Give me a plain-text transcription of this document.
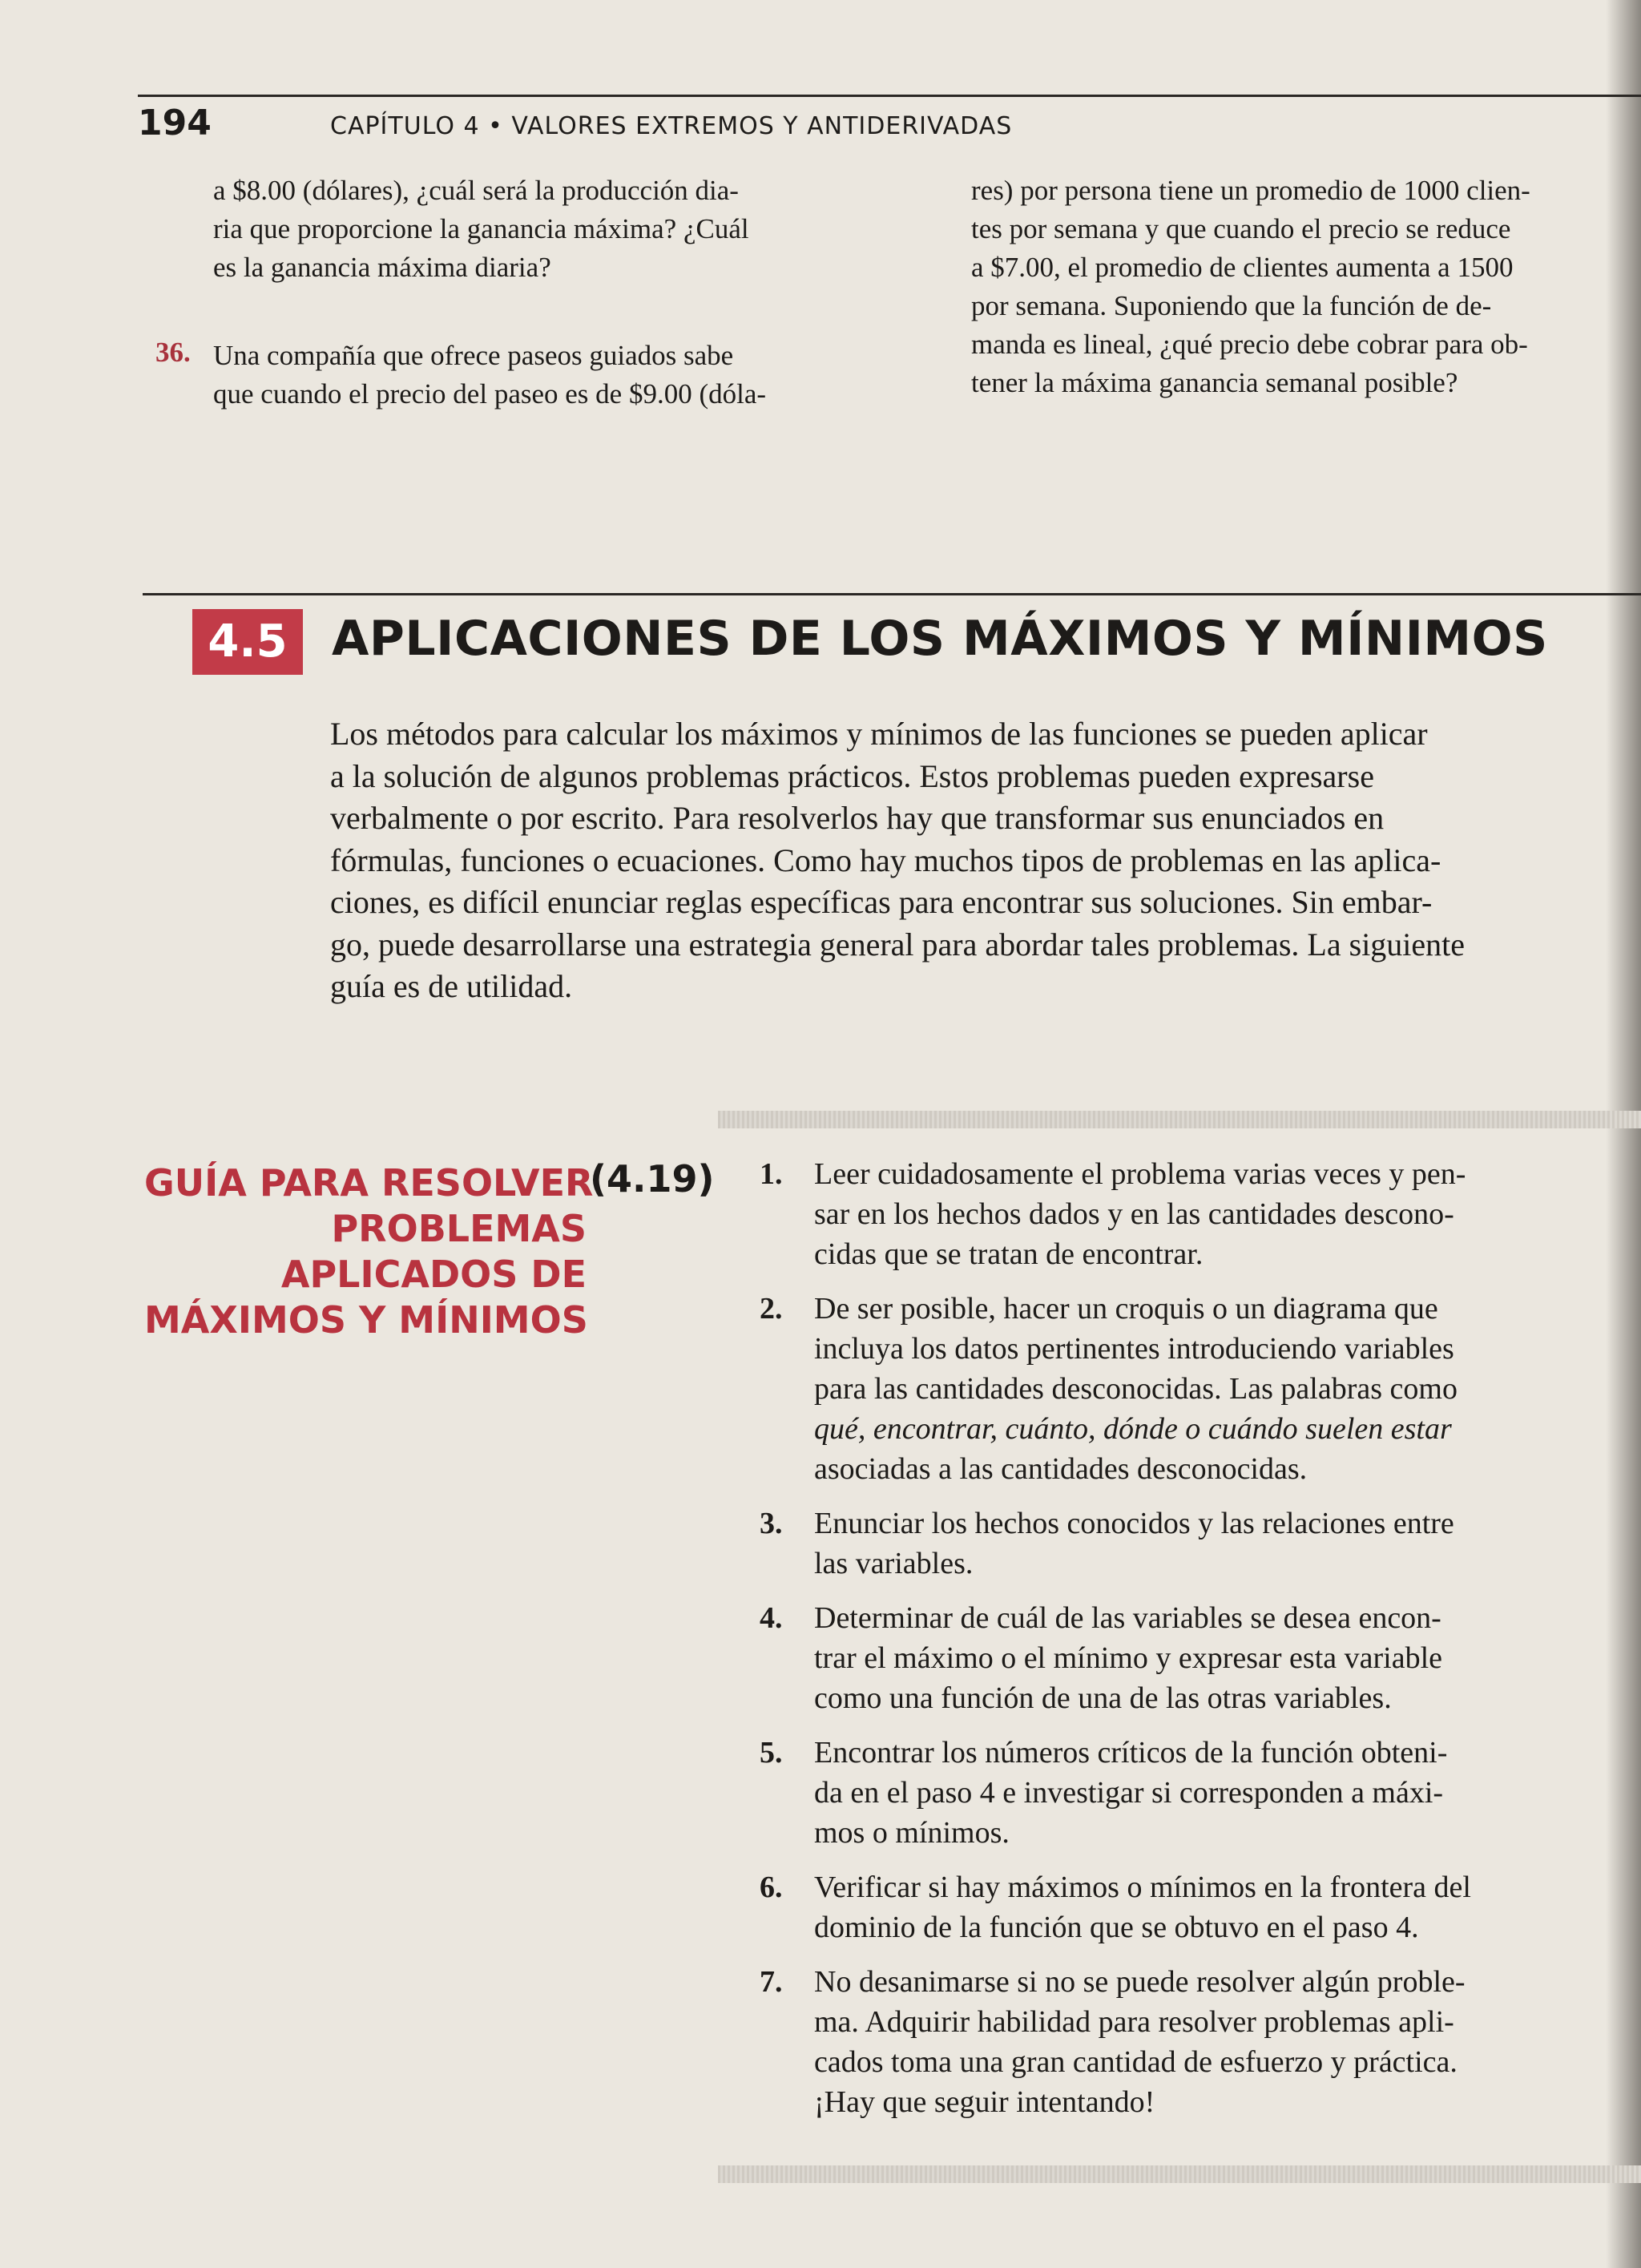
194	CAPÍTULO 4 • VALORES EXTREMOS Y ANTIDERIVADAS
a $8.00 (dólares), ¿cuál será la producción dia-
ria que proporcione la ganancia máxima? ¿Cuál
es la ganancia máxima diaria?
36. Una compañía que ofrece paseos guiados sabe
que cuando el precio del paseo es de $9.00 (dóla-
res) por persona tiene un promedio de 1000 clien-
tes por semana y que cuando el precio se reduce
a $7.00, el promedio de clientes aumenta a 1500
por semana. Suponiendo que la función de de-
manda es lineal, ¿qué precio debe cobrar para ob-
tener la máxima ganancia semanal posible?
4.5 APLICACIONES DE LOS MÁXIMOS Y MÍNIMOS
Los métodos para calcular los máximos y mínimos de las funciones se pueden aplicar
a la solución de algunos problemas prácticos. Estos problemas pueden expresarse
verbalmente o por escrito. Para resolverlos hay que transformar sus enunciados en
fórmulas, funciones o ecuaciones. Como hay muchos tipos de problemas en las aplica-
ciones, es difícil enunciar reglas específicas para encontrar sus soluciones. Sin embar-
go, puede desarrollarse una estrategia general para abordar tales problemas. La siguiente
guía es de utilidad.
GUÍA PARA RESOLVER
PROBLEMAS
APLICADOS DE
MÁXIMOS Y MÍNIMOS
(4.19) 1. Leer cuidadosamente el problema varias veces y pen-
sar en los hechos dados y en las cantidades descono-
cidas que se tratan de encontrar.
2. De ser posible, hacer un croquis o un diagrama que
incluya los datos pertinentes introduciendo variables
para las cantidades desconocidas. Las palabras como
qué, encontrar, cuánto, dónde o cuándo suelen estar
asociadas a las cantidades desconocidas.
3. Enunciar los hechos conocidos y las relaciones entre
las variables.
4. Determinar de cuál de las variables se desea encon-
trar el máximo o el mínimo y expresar esta variable
como una función de una de las otras variables.
5. Encontrar los números críticos de la función obteni-
da en el paso 4 e investigar si corresponden a máxi-
mos o mínimos.
6. Verificar si hay máximos o mínimos en la frontera del
dominio de la función que se obtuvo en el paso 4.
7. No desanimarse si no se puede resolver algún proble-
ma. Adquirir habilidad para resolver problemas apli-
cados toma una gran cantidad de esfuerzo y práctica.
¡Hay que seguir intentando!
